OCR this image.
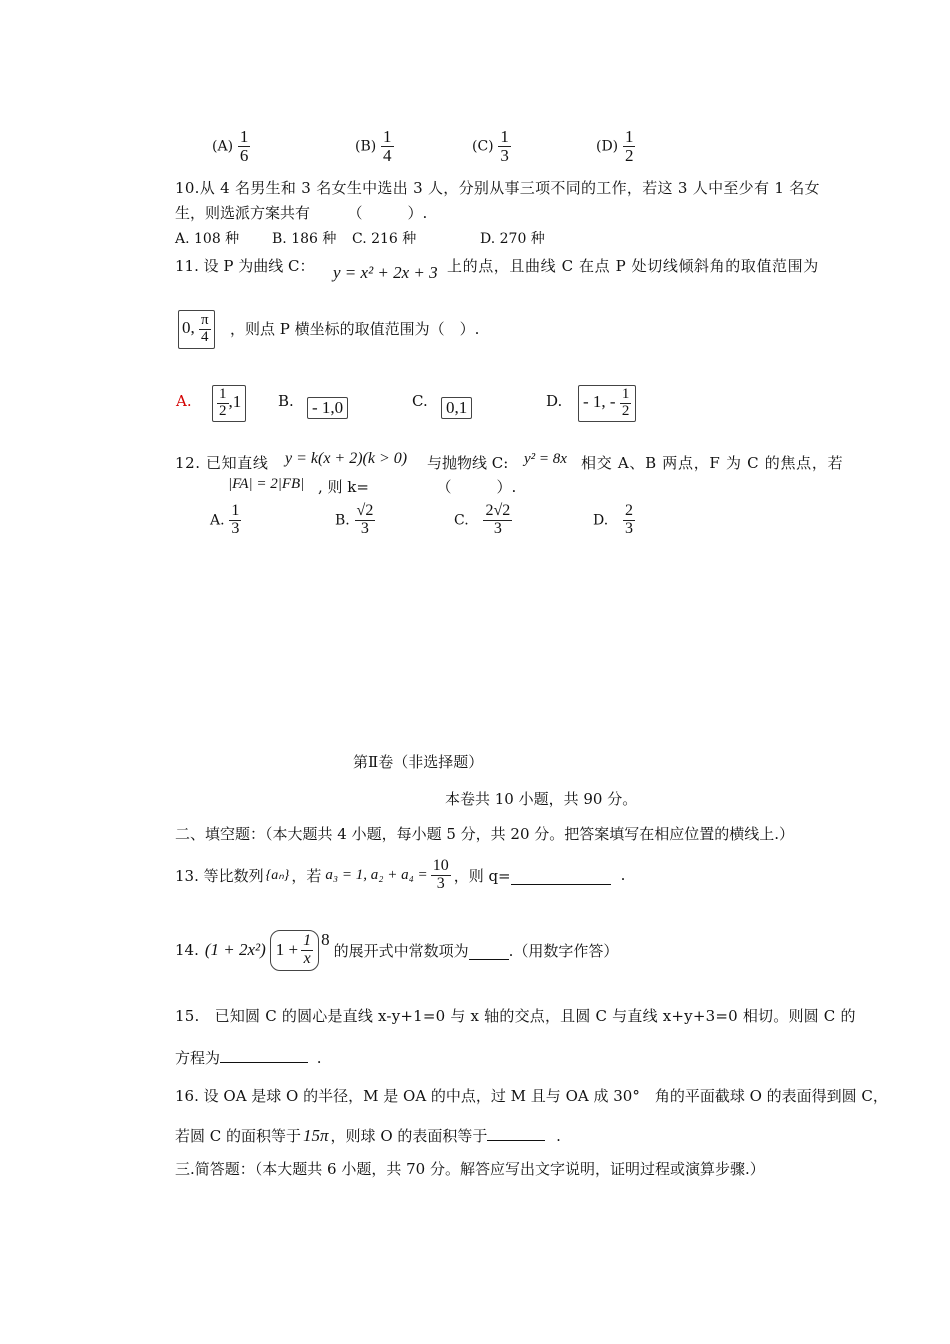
$(A) \frac{1}{6}$	$(B) \frac{1}{4}$	$(C) \frac{1}{3}$	$(D) \frac{1}{2}$
10.从 4 名男生和 3 名女生中选出 3 人，分别从事三项不同的工作，若这 3 人中至少有 1 名女
生，则选派方案共有　　　（　　　）.
A. 108 种 B. 186 种 C. 216 种	D. 270 种
11. 设 P 为曲线 C： y = x² + 2x + 3 上的点，且曲线 C 在点 P 处切线倾斜角的取值范围为
0, $\frac{\pi}{4}$ ，则点 P 横坐标的取值范围为（　）.
A. $\frac{1}{2} ,1$	B. - 1,0	C. 0,1	D. - 1, - $\frac{1}{2}$
12. 已知直线 y = k(x + 2)(k > 0) 与抛物线 C: y² = 8x 相交 A、B 两点，F 为 C 的焦点，若
|FA| = 2|FB| , 则 k=　　　　　（　　　）.
A. $\frac{1}{3}$	B. $\frac{√2}{3}$	C. $\frac{2√2}{3}$	D. $\frac{2}{3}$
第Ⅱ卷（非选择题）
本卷共 10 小题，共 90 分。
二、填空题：（本大题共 4 小题，每小题 5 分，共 20 分。把答案填写在相应位置的横线上.）
13. 等比数列 {aₙ} ，若 a₃ = 1, $a_2 + a_4 = \frac{10}{3}$ ，则 q=	.
14. (1 + 2x²) $1 + \frac{1}{x} 8$
的展开式中常数项为	.（用数字作答）
15.　已知圆 C 的圆心是直线 x-y+1=0 与 x 轴的交点，且圆 C 与直线 x+y+3=0 相切。则圆 C 的
方程为	.
16. 设 OA 是球 O 的半径，M 是 OA 的中点，过 M 且与 OA 成 30°　角的平面截球 O 的表面得到圆 C，
若圆 C 的面积等于 15π ，则球 O 的表面积等于	.
三.简答题：（本大题共 6 小题，共 70 分。解答应写出文字说明，证明过程或演算步骤.）
